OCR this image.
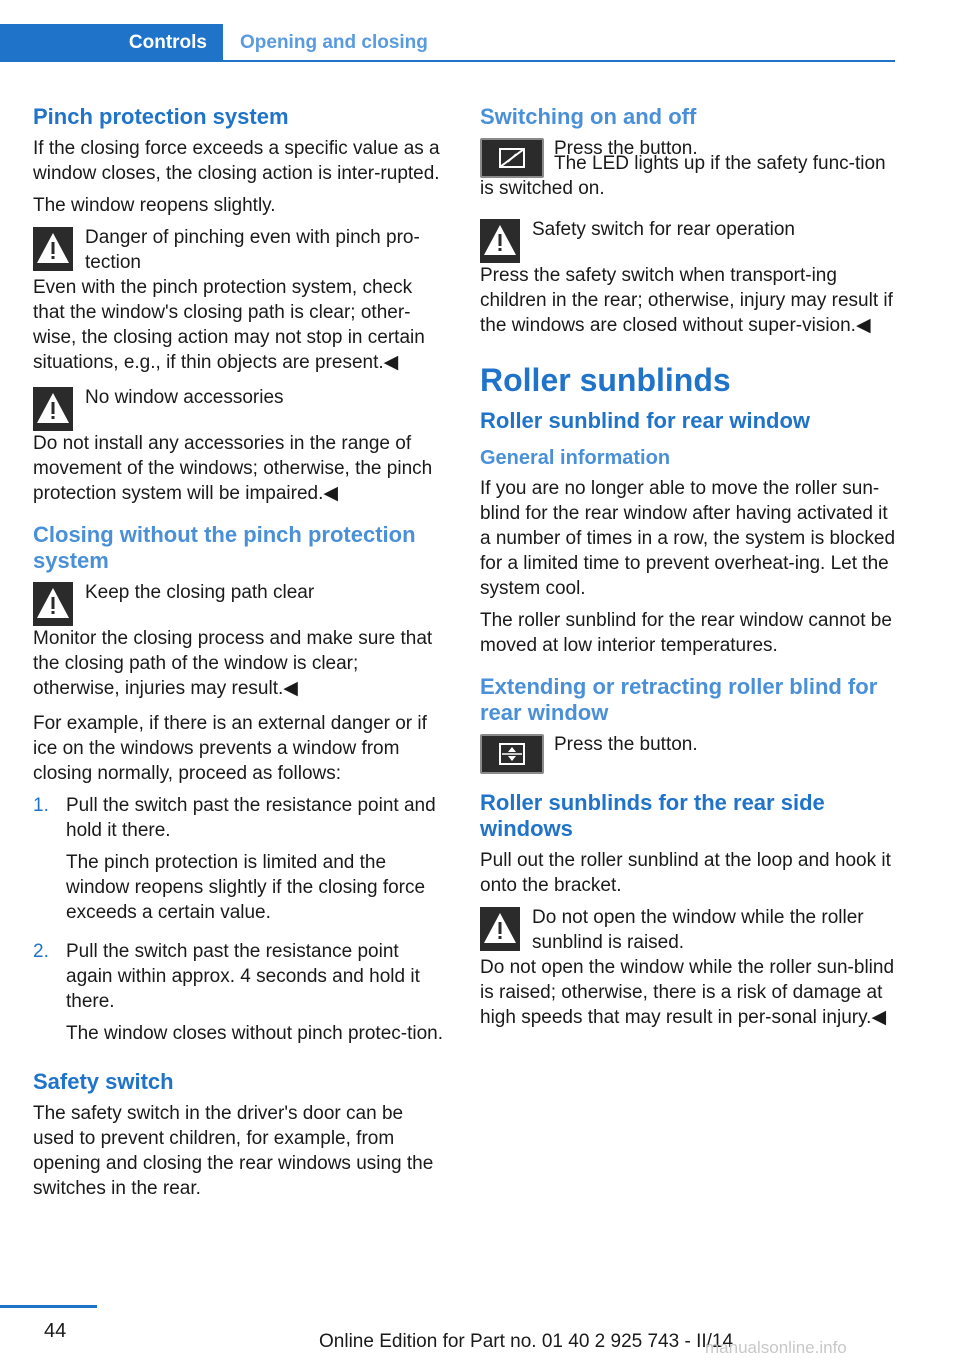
Controls Opening and closing
Pinch protection system

If the closing force exceeds a specific value as a window closes, the closing action is inter‐rupted.

The window reopens slightly.

Danger of pinching even with pinch pro‐tection
Even with the pinch protection system, check that the window's closing path is clear; other‐wise, the closing action may not stop in certain situations, e.g., if thin objects are present.◀
No window accessories
Do not install any accessories in the range of movement of the windows; otherwise, the pinch protection system will be impaired.◀
Closing without the pinch protection system
Keep the closing path clear
Monitor the closing process and make sure that the closing path of the window is clear; otherwise, injuries may result.◀

For example, if there is an external danger or if ice on the windows prevents a window from closing normally, proceed as follows:

1. Pull the switch past the resistance point and hold it there.

The pinch protection is limited and the window reopens slightly if the closing force exceeds a certain value.

2. Pull the switch past the resistance point again within approx. 4 seconds and hold it there.

The window closes without pinch protec‐tion.

Safety switch

The safety switch in the driver's door can be used to prevent children, for example, from opening and closing the rear windows using the switches in the rear.

Switching on and off

Press the button.

The LED lights up if the safety func‐tion is switched on.

Safety switch for rear operation
Press the safety switch when transport‐ing children in the rear; otherwise, injury may result if the windows are closed without super‐vision.◀
Roller sunblinds
Roller sunblind for rear window
General information

If you are no longer able to move the roller sun‐blind for the rear window after having activated it a number of times in a row, the system is blocked for a limited time to prevent overheat‐ing. Let the system cool.

The roller sunblind for the rear window cannot be moved at low interior temperatures.

Extending or retracting roller blind for rear window

Press the button.

Roller sunblinds for the rear side windows

Pull out the roller sunblind at the loop and hook it onto the bracket.

Do not open the window while the roller sunblind is raised.
Do not open the window while the roller sun‐blind is raised; otherwise, there is a risk of damage at high speeds that may result in per‐sonal injury.◀
44	Online Edition for Part no. 01 40 2 925 743 - II/14
manualsonline.info
